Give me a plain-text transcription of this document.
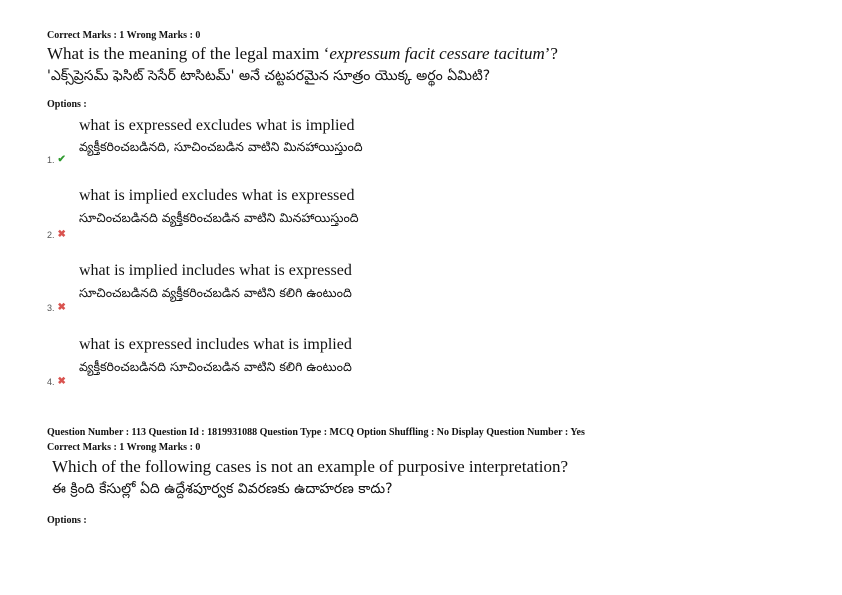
Correct Marks : 1 Wrong Marks : 0
What is the meaning of the legal maxim ‘expressum facit cessare tacitum’?
'ఎక్స్‌ప్రెసమ్ ఫెసిట్ సెసేర్ టాసిటమ్' అనే చట్టపరమైన సూత్రం యొక్క అర్థం ఏమిటి?
Options :
what is expressed excludes what is implied
వ్యక్తీకరించబడినది, సూచించబడిన వాటిని మినహాయిస్తుంది
1. ✔
what is implied excludes what is expressed
సూచించబడినది వ్యక్తీకరించబడిన వాటిని మినహాయిస్తుంది
2. ✖
what is implied includes what is expressed
సూచించబడినది వ్యక్తీకరించబడిన వాటిని కలిగి ఉంటుంది
3. ✖
what is expressed includes what is implied
వ్యక్తీకరించబడినది సూచించబడిన వాటిని కలిగి ఉంటుంది
4. ✖
Question Number : 113 Question Id : 1819931088 Question Type : MCQ Option Shuffling : No Display Question Number : Yes
Correct Marks : 1 Wrong Marks : 0
Which of the following cases is not an example of purposive interpretation?
ఈ క్రింది కేసుల్లో ఏది ఉద్దేశపూర్వక వివరణకు ఉదాహరణ కాదు?
Options :
